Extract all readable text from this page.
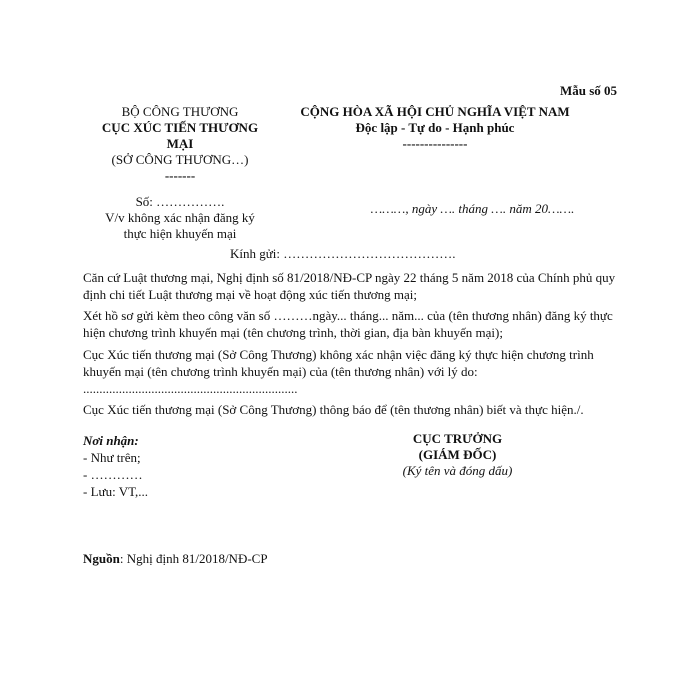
Mẫu số 05
BỘ CÔNG THƯƠNG
CỤC XÚC TIẾN THƯƠNG
MẠI
(SỞ CÔNG THƯƠNG…)
-------
Số: …………….
V/v không xác nhận đăng ký
thực hiện khuyến mại
CỘNG HÒA XÃ HỘI CHỦ NGHĨA VIỆT NAM
Độc lập - Tự do - Hạnh phúc
---------------
………, ngày …. tháng …. năm 20…….
Kính gửi: ………………………………….
Căn cứ Luật thương mại, Nghị định số 81/2018/NĐ-CP ngày 22 tháng 5 năm 2018 của Chính phủ quy định chi tiết Luật thương mại về hoạt động xúc tiến thương mại;
Xét hồ sơ gửi kèm theo công văn số ………ngày... tháng... năm... của (tên thương nhân) đăng ký thực hiện chương trình khuyến mại (tên chương trình, thời gian, địa bàn khuyến mại);
Cục Xúc tiến thương mại (Sở Công Thương) không xác nhận việc đăng ký thực hiện chương trình khuyến mại (tên chương trình khuyến mại) của (tên thương nhân) với lý do: ..................................................................
Cục Xúc tiến thương mại (Sở Công Thương) thông báo để (tên thương nhân) biết và thực hiện./.
Nơi nhận:
- Như trên;
- …………
- Lưu: VT,...
CỤC TRƯỞNG
(GIÁM ĐỐC)
(Ký tên và đóng dấu)
Nguồn: Nghị định 81/2018/NĐ-CP
